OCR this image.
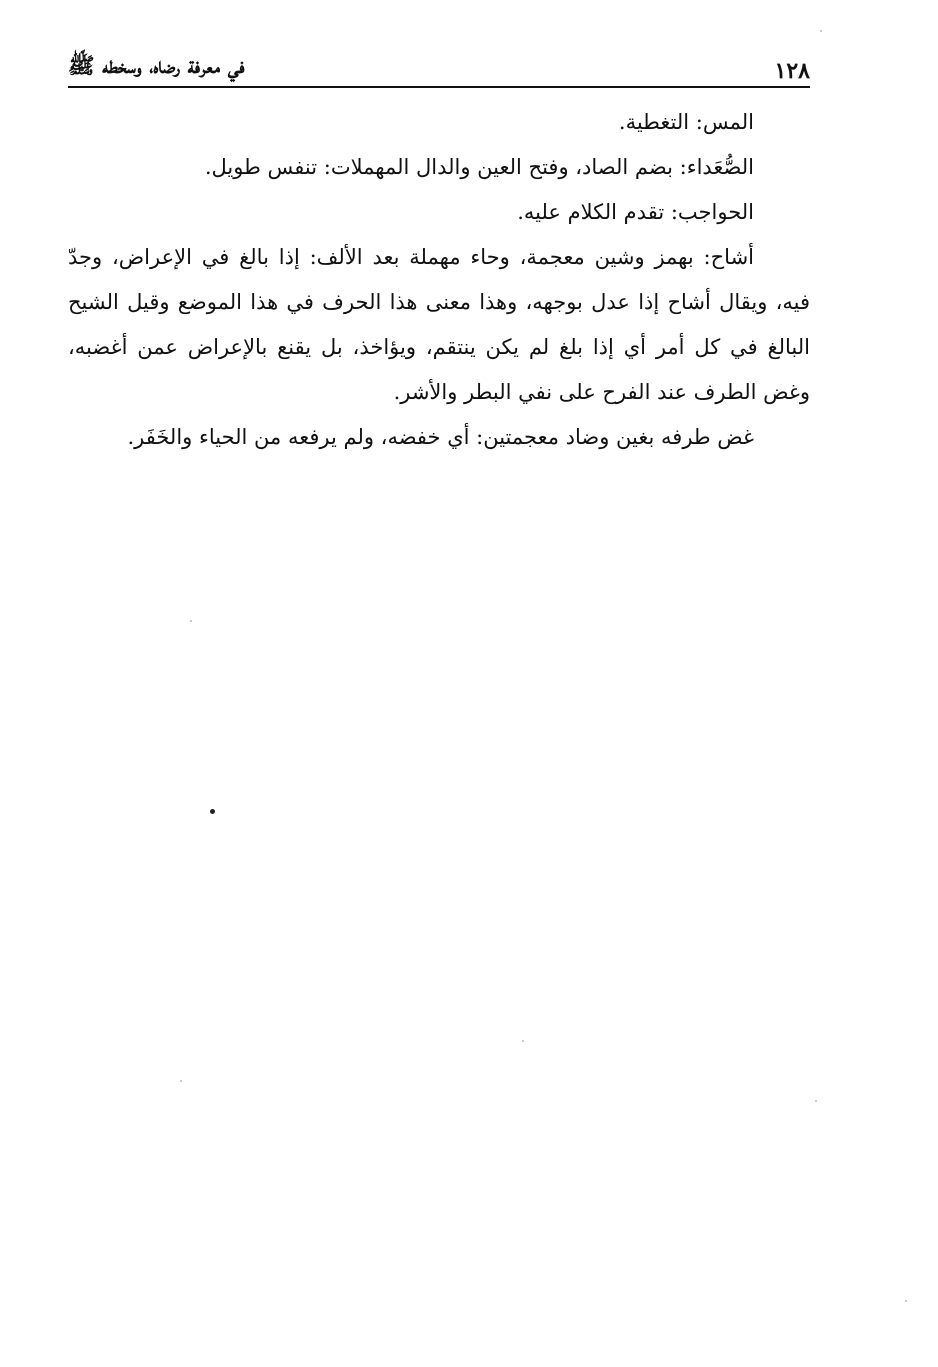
١٢٨
في معرفة رضاه، وسخطه ﷺ

المس: التغطية.

الصُّعَداء: بضم الصاد، وفتح العين والدال المهملات: تنفس طويل.

الحواجب: تقدم الكلام عليه.

أشاح: بهمز وشين معجمة، وحاء مهملة بعد الألف: إذا بالغ في الإعراض، وجدّ فيه، ويقال أشاح إذا عدل بوجهه، وهذا معنى هذا الحرف في هذا الموضع وقيل الشيح البالغ في كل أمر أي إذا بلغ لم يكن ينتقم، ويؤاخذ، بل يقنع بالإعراض عمن أغضبه، وغض الطرف عند الفرح على نفي البطر والأشر.

غض طرفه بغين وضاد معجمتين: أي خفضه، ولم يرفعه من الحياء والخَفَر.
